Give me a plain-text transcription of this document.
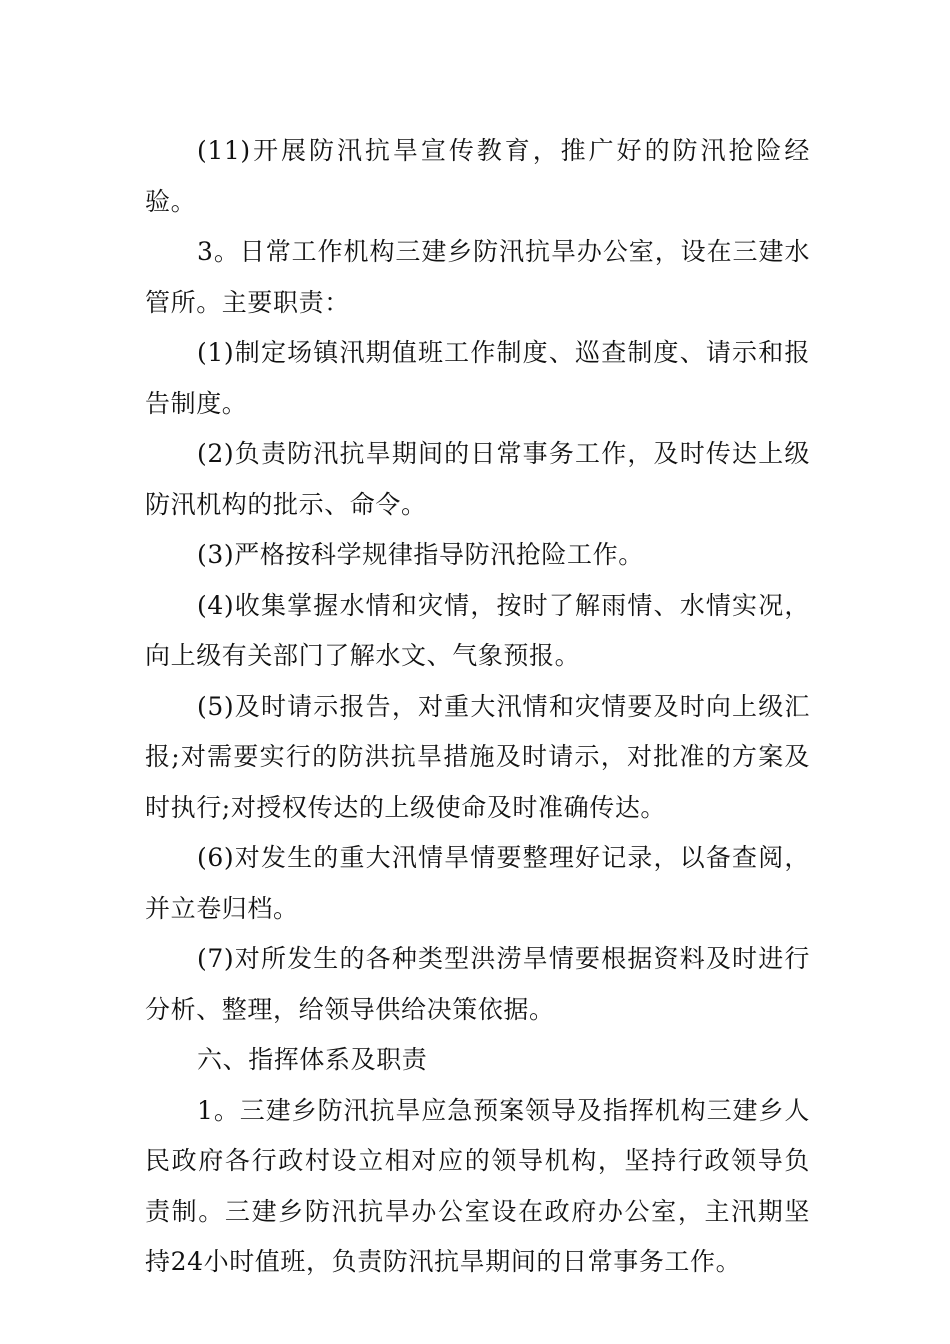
(11)开展防汛抗旱宣传教育，推广好的防汛抢险经验。

3。日常工作机构三建乡防汛抗旱办公室，设在三建水管所。主要职责：

(1)制定场镇汛期值班工作制度、巡查制度、请示和报告制度。

(2)负责防汛抗旱期间的日常事务工作，及时传达上级防汛机构的批示、命令。

(3)严格按科学规律指导防汛抢险工作。

(4)收集掌握水情和灾情，按时了解雨情、水情实况，向上级有关部门了解水文、气象预报。

(5)及时请示报告，对重大汛情和灾情要及时向上级汇报;对需要实行的防洪抗旱措施及时请示，对批准的方案及时执行;对授权传达的上级使命及时准确传达。

(6)对发生的重大汛情旱情要整理好记录，以备查阅，并立卷归档。

(7)对所发生的各种类型洪涝旱情要根据资料及时进行分析、整理，给领导供给决策依据。

六、指挥体系及职责

1。三建乡防汛抗旱应急预案领导及指挥机构三建乡人民政府各行政村设立相对应的领导机构，坚持行政领导负责制。三建乡防汛抗旱办公室设在政府办公室，主汛期坚持24小时值班，负责防汛抗旱期间的日常事务工作。
